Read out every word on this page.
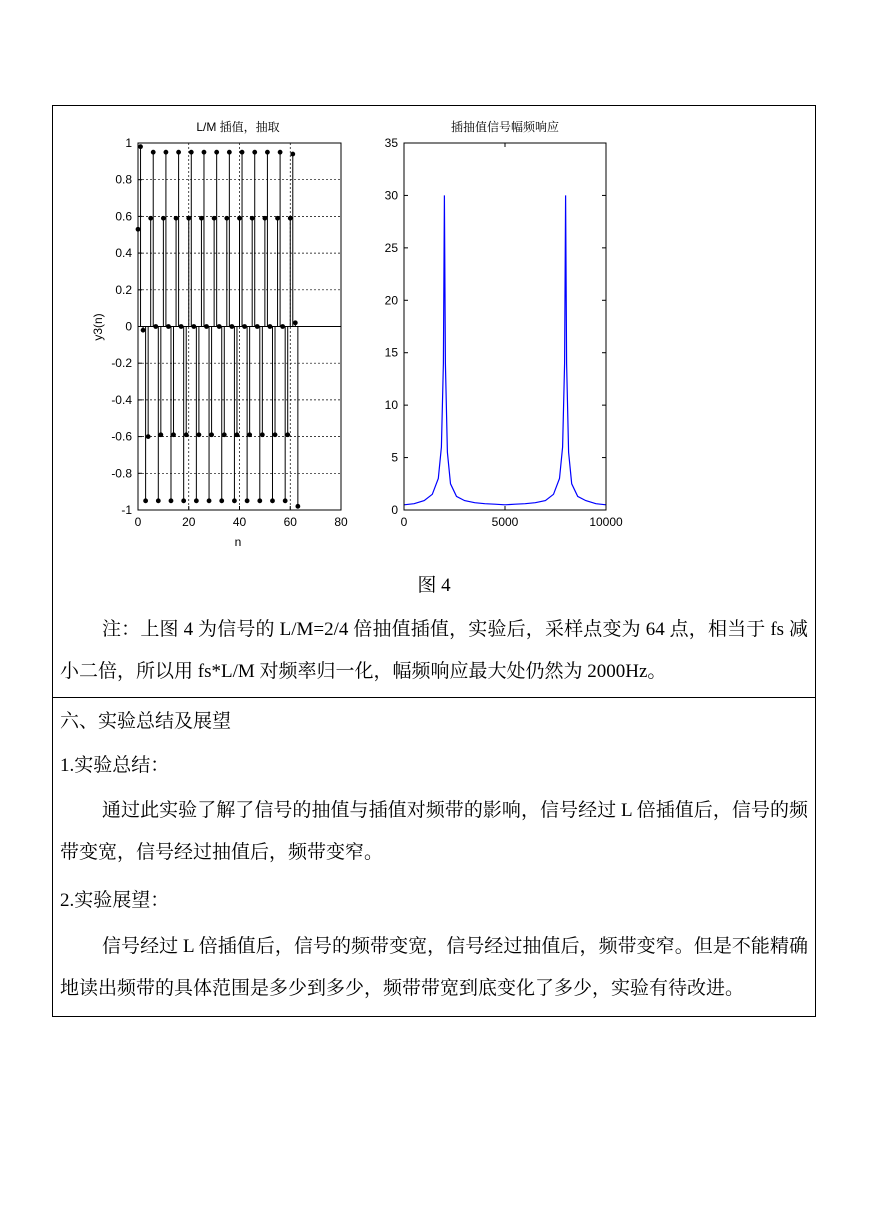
L/M 插值，抽取
n
y3(n)
1
0.8
0.6
0.4
0.2
0
-0.2
-0.4
-0.6
-0.8
-1
0	20	40	60	80
插抽值信号幅频响应
35
30
25
20
15
10
5
0
0	5000	10000
图 4
注：上图 4 为信号的 L/M=2/4 倍抽值插值，实验后，采样点变为 64 点，相当于 fs 减小二倍，所以用 fs*L/M 对频率归一化，幅频响应最大处仍然为 2000Hz。
六、实验总结及展望
1.实验总结：
通过此实验了解了信号的抽值与插值对频带的影响，信号经过 L 倍插值后，信号的频带变宽，信号经过抽值后，频带变窄。
2.实验展望：
信号经过 L 倍插值后，信号的频带变宽，信号经过抽值后，频带变窄。但是不能精确地读出频带的具体范围是多少到多少，频带带宽到底变化了多少，实验有待改进。
